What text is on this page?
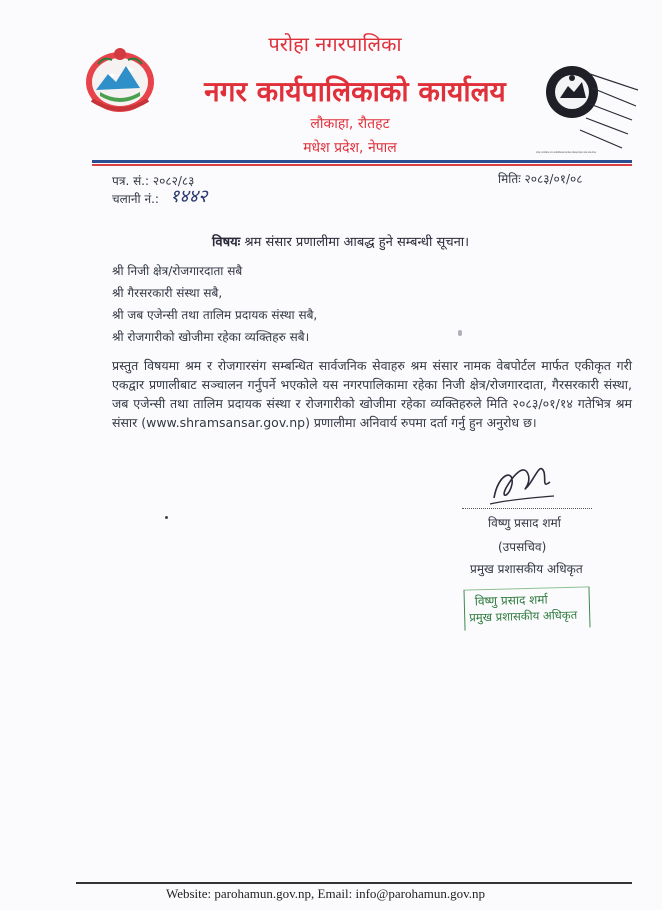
परोहा नगरपालिका
नगर कार्यपालिकाको कार्यालय
लौकाहा, रौतहट
मधेश प्रदेश, नेपाल	परोहा नगरपालिका नगर कार्यपालिकाको कार्यालय लौकाहा,रौतहट मधेश प्रदेश,नेपाल
पत्र. सं.: २०८२/८३
चलानी नं.: १४४२
मितिः २०८३/०१/०८
विषयः श्रम संसार प्रणालीमा आबद्ध हुने सम्बन्धी सूचना।
श्री निजी क्षेत्र/रोजगारदाता सबै
श्री गैरसरकारी संस्था सबै,
श्री जब एजेन्सी तथा तालिम प्रदायक संस्था सबै,
श्री रोजगारीको खोजीमा रहेका व्यक्तिहरु सबै।
प्रस्तुत विषयमा श्रम र रोजगारसंग सम्बन्धित सार्वजनिक सेवाहरु श्रम संसार नामक वेबपोर्टल मार्फत एकीकृत गरी एकद्वार प्रणालीबाट सञ्चालन गर्नुपर्ने भएकोले यस नगरपालिकामा रहेका निजी क्षेत्र/रोजगारदाता, गैरसरकारी संस्था, जब एजेन्सी तथा तालिम प्रदायक संस्था र रोजगारीको खोजीमा रहेका व्यक्तिहरुले मिति २०८३/०१/१४ गतेभित्र श्रम संसार (www.shramsansar.gov.np) प्रणालीमा अनिवार्य रुपमा दर्ता गर्नु हुन अनुरोध छ।
विष्णु प्रसाद शर्मा
(उपसचिव)
प्रमुख प्रशासकीय अधिकृत
विष्णु प्रसाद शर्मा
प्रमुख प्रशासकीय अधिकृत
Website: parohamun.gov.np, Email: info@parohamun.gov.np
